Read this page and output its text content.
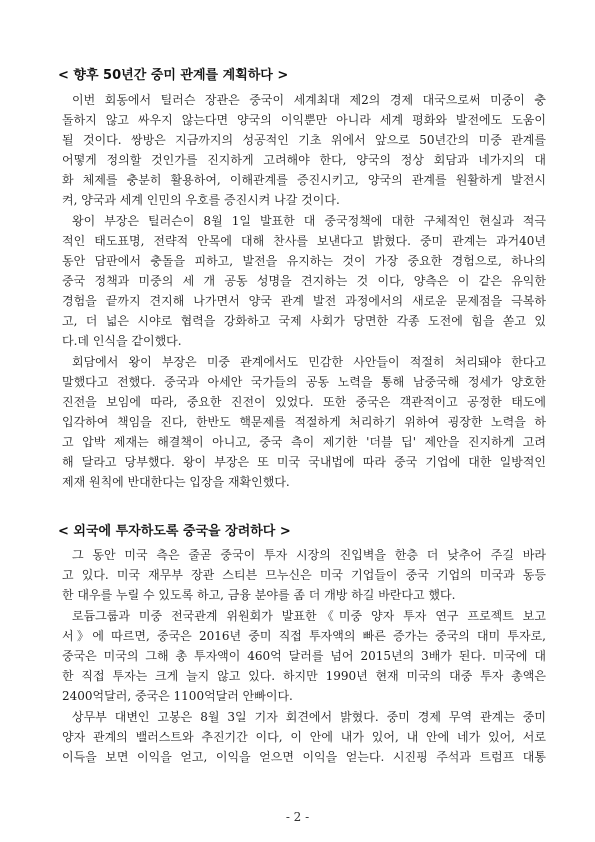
< 향후 50년간 중미 관계를 계획하다 >
이번 회동에서 틸러슨 장관은 중국이 세계최대 제2의 경제 대국으로써 미중이 충
돌하지 않고 싸우지 않는다면 양국의 이익뿐만 아니라 세계 평화와 발전에도 도움이
될 것이다. 쌍방은 지금까지의 성공적인 기초 위에서 앞으로 50년간의 미중 관계를
어떻게 정의할 것인가를 진지하게 고려해야 한다, 양국의 정상 회담과 네가지의 대
화 체제를 충분히 활용하여, 이해관계를 증진시키고, 양국의 관계를 원활하게 발전시
켜, 양국과 세계 인민의 우호를 증진시켜 나갈 것이다.
왕이 부장은 틸러슨이 8월 1일 발표한 대 중국정책에 대한 구체적인 현실과 적극
적인 태도표명, 전략적 안목에 대해 찬사를 보낸다고 밝혔다. 중미 관계는 과거40년
동안 담판에서 충돌을 피하고, 발전을 유지하는 것이 가장 중요한 경험으로, 하나의
중국 정책과 미중의 세 개 공동 성명을 견지하는 것 이다, 양측은 이 같은 유익한
경험을 끝까지 견지해 나가면서 양국 관계 발전 과정에서의 새로운 문제점을 극복하
고, 더 넓은 시야로 협력을 강화하고 국제 사회가 당면한 각종 도전에 힘을 쏟고 있
다.데 인식을 같이했다.
회담에서 왕이 부장은 미중 관계에서도 민감한 사안들이 적절히 처리돼야 한다고
말했다고 전했다. 중국과 아세안 국가들의 공동 노력을 통해 남중국해 정세가 양호한
진전을 보임에 따라, 중요한 진전이 있었다. 또한 중국은 객관적이고 공정한 태도에
입각하여 책임을 진다, 한반도 핵문제를 적절하게 처리하기 위하여 굉장한 노력을 하
고 압박 제재는 해결책이 아니고, 중국 측이 제기한 '더블 딥' 제안을 진지하게 고려
해 달라고 당부했다. 왕이 부장은 또 미국 국내법에 따라 중국 기업에 대한 일방적인
제재 원칙에 반대한다는 입장을 재확인했다.
< 외국에 투자하도록 중국을 장려하다 >
그 동안 미국 측은 줄곧 중국이 투자 시장의 진입벽을 한층 더 낮추어 주길 바라
고 있다. 미국 재무부 장관 스티븐 므누신은 미국 기업들이 중국 기업의 미국과 동등
한 대우를 누릴 수 있도록 하고, 금융 분야를 좀 더 개방 하길 바란다고 했다.
로듐그룹과 미중 전국관계 위원회가 발표한《미중 양자 투자 연구 프로젝트 보고
서》에 따르면, 중국은 2016년 중미 직접 투자액의 빠른 증가는 중국의 대미 투자로,
중국은 미국의 그해 총 투자액이 460억 달러를 넘어 2015년의 3배가 된다. 미국에 대
한 직접 투자는 크게 늘지 않고 있다. 하지만 1990년 현재 미국의 대중 투자 총액은
2400억달러, 중국은 1100억달러 안빠이다.
상무부 대변인 고봉은 8월 3일 기자 회견에서 밝혔다. 중미 경제 무역 관계는 중미
양자 관계의 밸러스트와 추진기간 이다, 이 안에 내가 있어, 내 안에 네가 있어, 서로
이득을 보면 이익을 얻고, 이익을 얻으면 이익을 얻는다. 시진핑 주석과 트럼프 대통
- 2 -
